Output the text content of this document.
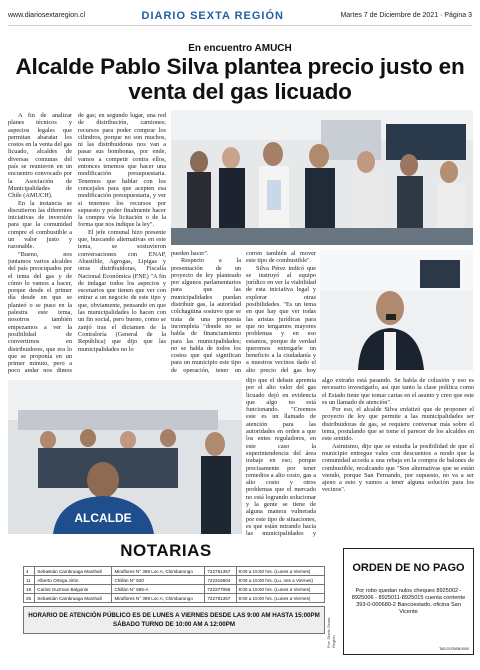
www.diariosextaregion.cl	DIARIO SEXTA REGIÓN	Martes 7 de Diciembre de 2021 · Página 3
En encuentro AMUCH
Alcalde Pablo Silva plantea precio justo en venta del gas licuado

A fin de analizar planes técnicos y aspectos legales que permitan abaratar los costos en la venta del gas licuado, alcaldes de diversas comunas del país se reunieron en un encuentro convocado por la Asociación de Municipalidades de Chile (AMUCH).

En la instancia se discutieron las diferentes iniciativas de inversión para que la comunidad compre el combustible a un valor justo y razonable.

"Bueno, nos juntamos varios alcaldes del país preocupados por el tema del gas y de cómo lo vamos a hacer, porque desde el primer día desde en que se planteó o se puso en la palestra este tema, nosotros también empezamos a ver la posibilidad de convertirnos en distribuidores, que era lo que se proponía en un primer minuto, pero a poco andar nos dimos

de gas; en segundo lugar, una red de distribución, camiones; recursos para poder comprar los cilindros, porque no son muchos, ni las distribuidoras nos van a pasar sus bombonas, por ende, vamos a competir contra ellos, entonces tenemos que hacer una modificación presupuestaria. Tenemos que hablar con los concejales para que acepten esa modificación presupuestaria, y ver si tenemos los recursos por supuesto y poder finalmente hacer la compra vía licitación o de la forma que nos indique la ley".

El jefe comunal hizo presente que, buscando alternativas en este tema, se sostuvieron conversaciones con ENAP, Abastible, Agrogas, Lipigas y otras distribuidoras, Fiscalía Nacional Económica (FNE) "A fin de indagar todos los aspectos y escenarios que tienen que ver con entrar a un negocio de este tipo y que, obviamente, pensando en que las municipalidades lo hacen con un fin social, pero bueno, como se zanjó tras el dictamen de la Contraloría (General de la República) que dijo que las municipalidades no lo

pueden hacer".

Respecto a la presentación de un proyecto de ley planteado por algunos parlamentarios para que las municipalidades puedan distribuir gas, la autoridad colchagüina sostuvo que se trata de una propuesta incompleta "donde no se habla de financiamiento para las municipalidades; no se habla de todos los costos que qué significan para un municipio este tipo de operación, tener un

corren también al mover este tipo de combustible".

Silva Pérez indicó que se instruyó al equipo jurídico en ver la viabilidad de esta iniciativa legal y explorar otras posibilidades. "Es un tema en que hay que ver todas las aristas jurídicas para que no tengamos mayores problemas y en eso estamos, porque de verdad queremos entregarle un beneficio a la ciudadanía y a nuestros vecinos dado el alto precio del gas hoy

ALCALDE

dijo que el debate apremia por el alto valor del gas licuado dejó en evidencia que algo no está funcionando. "Creemos este es un llamado de atención para las autoridades en orden a que los entes reguladores, en este caso la superintendencia del área trabaje en eso; porque precisamente por tener remedios a alto costo, gas a alto costo y otros problemas que el mercado no está logrando solucionar y la gente se tiene de alguna manera vulnerada por este tipo de situaciones, es que están mirando hacia las municipalidades y

algo extraño está pasando. Se habla de colusión y eso es necesario investigarlo, así que tanto la clase política como el Estado tiene que tomar cartas en el asunto y creo que este es un llamado de atención".

Por eso, el alcalde Silva enfatizó que de proponer el proyecto de ley que permite a las municipalidades ser distribuidoras de gas, se requiere conversar más sobre el tema, postulando que se tome el parecer de los alcaldes en este sentido.

Asimismo, dijo que se estudia la posibilidad de que el municipio entregue vales con descuentos a modo que la comunidad acceda a una rebaja en la compra de balones de combustible, recalcando que "Son alternativas que se están viendo, porque San Fernando, por supuesto, no va a ser ajeno a esto y vamos a tener alguna solución para los vecinos".

NOTARIAS
4	Sebastián Cambruaga Marshall	Miraflores N° 399 Loc A, Chimbarongo	722781357	9:00 a 15:00 hrs. (Lunes a Viernes)
11	Alberto Ortega Jirón	Chillán N° 620	722316604	9:00 a 15:00 hrs. (Lu. nes a Viernes)
18	Carlos Guzman Balgonis	Chillán N° 595-A	722377066	9:00 a 15:00 hrs. (Lunes a Viernes)
25	Sebastián Cambruaga Marshall	Miraflores N° 399 Loc A, Chimbarongo	722781357	9:00 a 15:00 hrs. (Lunes a Viernes)
HORARIO DE ATENCIÓN PÚBLICO ES DE LUNES A VIERNES DESDE LAS 9:00 AM HASTA 15:00PM
SÁBADO TURNO DE 10:00 AM A 12:00PM	Por: Diario Sexta Región
ORDEN DE NO PAGO
Por robo quedan nulos cheques 8925002 - 8925006 - 8925011-8925015 cuenta corriente 393-0-000680-2 Bancoestado, oficina San Vicente
TAS:07/03/08:0000
